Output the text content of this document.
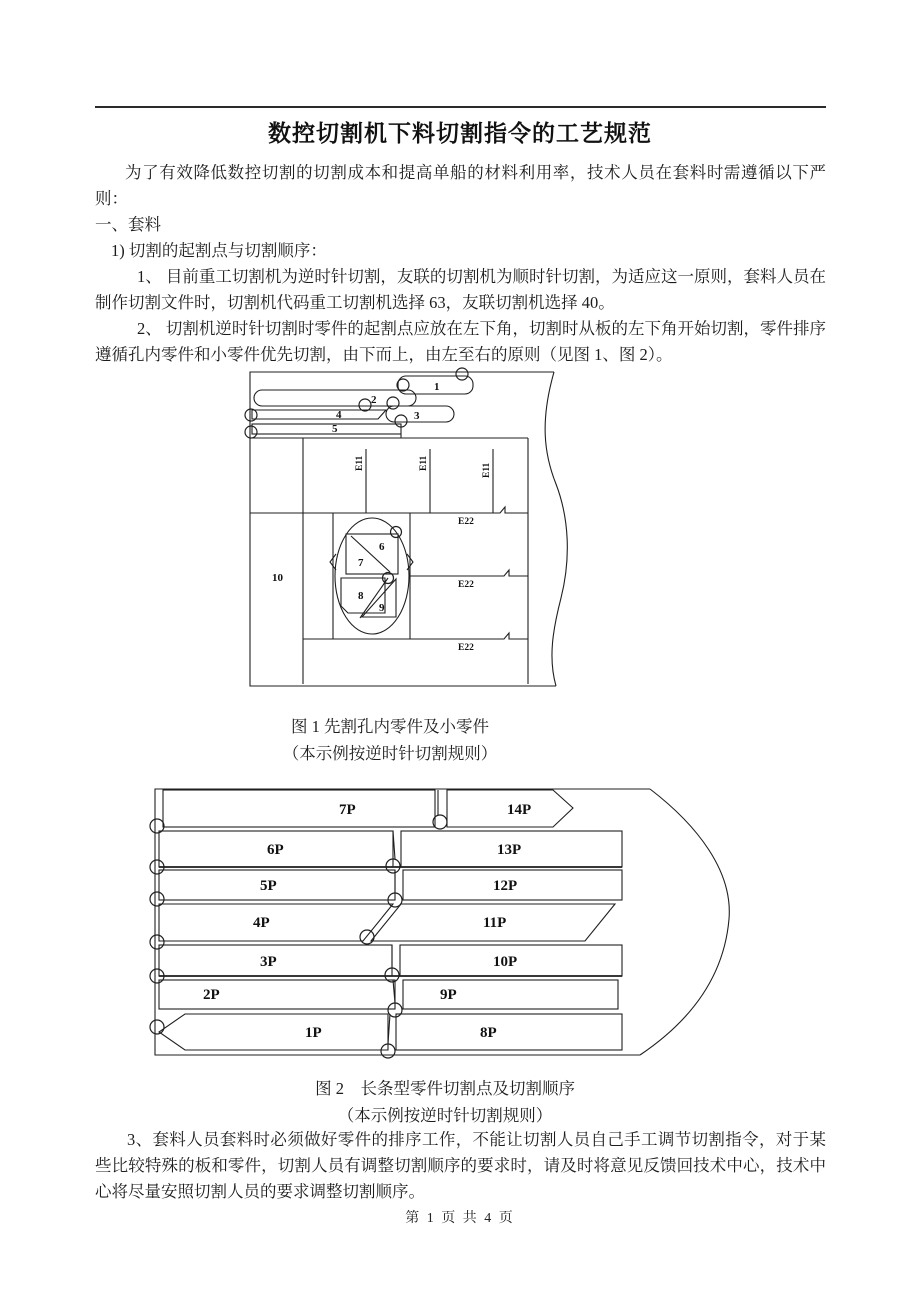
数控切割机下料切割指令的工艺规范

为了有效降低数控切割的切割成本和提高单船的材料利用率，技术人员在套料时需遵循以下严则：

一、套料

1) 切割的起割点与切割顺序：

1、 目前重工切割机为逆时针切割，友联的切割机为顺时针切割，为适应这一原则，套料人员在制作切割文件时，切割机代码重工切割机选择 63，友联切割机选择 40。

2、 切割机逆时针切割时零件的起割点应放在左下角，切割时从板的左下角开始切割，零件排序遵循孔内零件和小零件优先切割，由下而上，由左至右的原则（见图 1、图 2）。

1
2
3
4
5
10
E11	E11	E11
E22
E22
E22
6
7
8
9
图 1 先割孔内零件及小零件
（本示例按逆时针切割规则）
7P	14P
6P	13P
5P	12P
4P	11P
3P	10P
2P	9P
1P	8P
图 2　长条型零件切割点及切割顺序
（本示例按逆时针切割规则）

3、套料人员套料时必须做好零件的排序工作，不能让切割人员自己手工调节切割指令，对于某些比较特殊的板和零件，切割人员有调整切割顺序的要求时，请及时将意见反馈回技术中心，技术中心将尽量安照切割人员的要求调整切割顺序。

第 1 页 共 4 页
